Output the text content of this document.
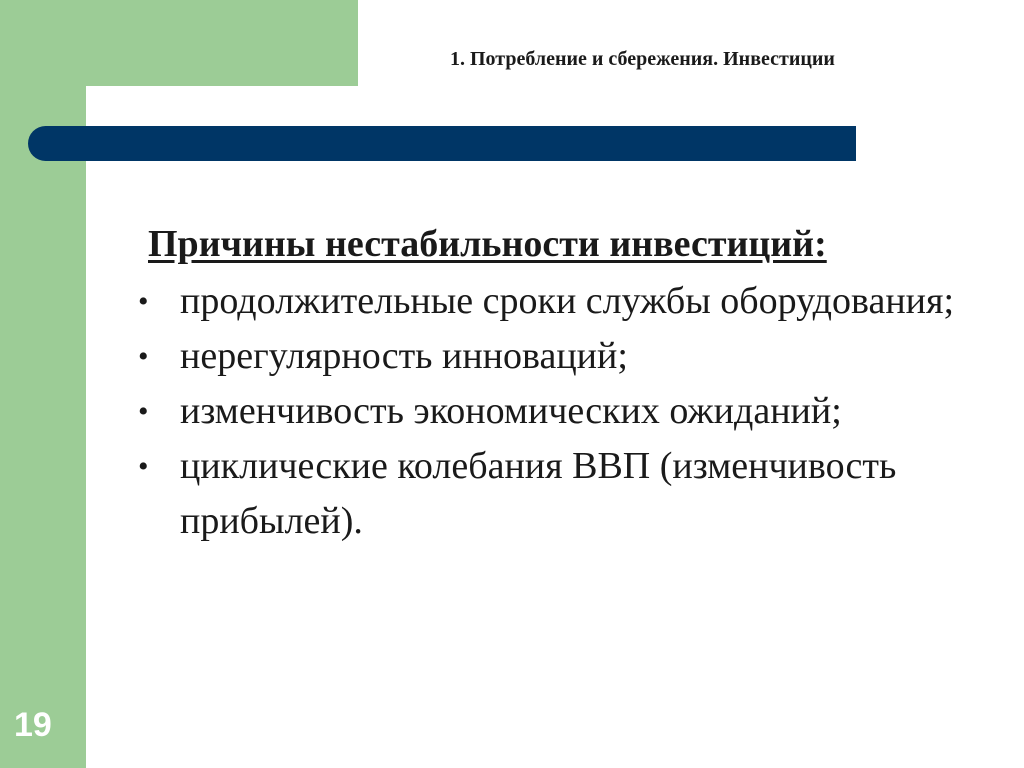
1. Потребление и сбережения. Инвестиции
Причины нестабильности инвестиций:
• продолжительные сроки службы оборудования;
• нерегулярность инноваций;
• изменчивость экономических ожиданий;
• циклические колебания ВВП (изменчивость прибылей).
19
